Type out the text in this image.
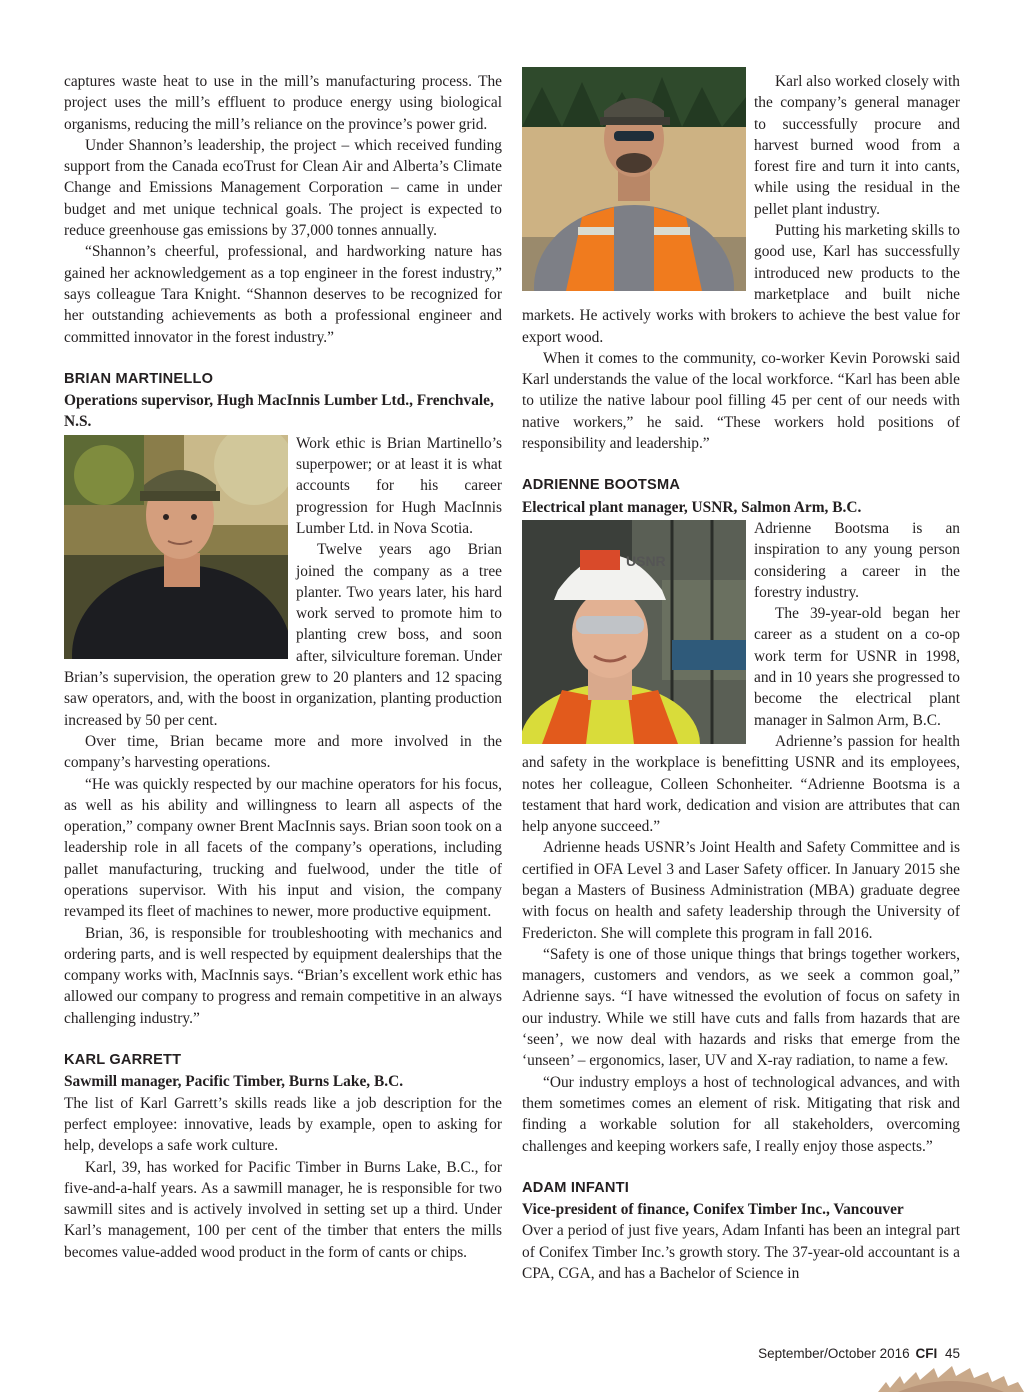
captures waste heat to use in the mill’s manufacturing process. The project uses the mill’s effluent to produce energy using biological organisms, reducing the mill’s reliance on the province’s power grid.

Under Shannon’s leadership, the project – which received funding support from the Canada ecoTrust for Clean Air and Alberta’s Climate Change and Emissions Management Corporation – came in under budget and met unique technical goals. The project is expected to reduce greenhouse gas emissions by 37,000 tonnes annually.

“Shannon’s cheerful, professional, and hardworking nature has gained her acknowledgement as a top engineer in the forest industry,” says colleague Tara Knight. “Shannon deserves to be recognized for her outstanding achievements as both a professional engineer and committed innovator in the forest industry.”

BRIAN MARTINELLO
Operations supervisor, Hugh MacInnis Lumber Ltd., Frenchvale, N.S.

Work ethic is Brian Martinello’s superpower; or at least it is what accounts for his career progression for Hugh MacInnis Lumber Ltd. in Nova Scotia.

Twelve years ago Brian joined the company as a tree planter. Two years later, his hard work served to promote him to planting crew boss, and soon after, silviculture foreman. Under Brian’s supervision, the operation grew to 20 planters and 12 spacing saw operators, and, with the boost in organization, planting production increased by 50 per cent.

Over time, Brian became more and more involved in the company’s harvesting operations.

“He was quickly respected by our machine operators for his focus, as well as his ability and willingness to learn all aspects of the operation,” company owner Brent MacInnis says. Brian soon took on a leadership role in all facets of the company’s operations, including pallet manufacturing, trucking and fuelwood, under the title of operations supervisor. With his input and vision, the company revamped its fleet of machines to newer, more productive equipment.

Brian, 36, is responsible for troubleshooting with mechanics and ordering parts, and is well respected by equipment dealerships that the company works with, MacInnis says. “Brian’s excellent work ethic has allowed our company to progress and remain competitive in an always challenging industry.”

KARL GARRETT
Sawmill manager, Pacific Timber, Burns Lake, B.C.

The list of Karl Garrett’s skills reads like a job description for the perfect employee: innovative, leads by example, open to asking for help, develops a safe work culture.

Karl, 39, has worked for Pacific Timber in Burns Lake, B.C., for five-and-a-half years. As a sawmill manager, he is responsible for two sawmill sites and is actively involved in setting set up a third. Under Karl’s management, 100 per cent of the timber that enters the mills becomes value-added wood product in the form of cants or chips.

Karl also worked closely with the company’s general manager to successfully procure and harvest burned wood from a forest fire and turn it into cants, while using the residual in the pellet plant industry.

Putting his marketing skills to good use, Karl has successfully introduced new products to the marketplace and built niche markets. He actively works with brokers to achieve the best value for export wood.

When it comes to the community, co-worker Kevin Porowski said Karl understands the value of the local workforce. “Karl has been able to utilize the native labour pool filling 45 per cent of our needs with native workers,” he said. “These workers hold positions of responsibility and leadership.”

ADRIENNE BOOTSMA
Electrical plant manager, USNR, Salmon Arm, B.C.
USNR

Adrienne Bootsma is an inspiration to any young person considering a career in the forestry industry.

The 39-year-old began her career as a student on a co-op work term for USNR in 1998, and in 10 years she progressed to become the electrical plant manager in Salmon Arm, B.C.

Adrienne’s passion for health and safety in the workplace is benefitting USNR and its employees, notes her colleague, Colleen Schonheiter. “Adrienne Bootsma is a testament that hard work, dedication and vision are attributes that can help anyone succeed.”

Adrienne heads USNR’s Joint Health and Safety Committee and is certified in OFA Level 3 and Laser Safety officer. In January 2015 she began a Masters of Business Administration (MBA) graduate degree with focus on health and safety leadership through the University of Fredericton. She will complete this program in fall 2016.

“Safety is one of those unique things that brings together workers, managers, customers and vendors, as we seek a common goal,” Adrienne says. “I have witnessed the evolution of focus on safety in our industry. While we still have cuts and falls from hazards that are ‘seen’, we now deal with hazards and risks that emerge from the ‘unseen’ – ergonomics, laser, UV and X-ray radiation, to name a few.

“Our industry employs a host of technological advances, and with them sometimes comes an element of risk. Mitigating that risk and finding a workable solution for all stakeholders, overcoming challenges and keeping workers safe, I really enjoy those aspects.”

ADAM INFANTI
Vice-president of finance, Conifex Timber Inc., Vancouver

Over a period of just five years, Adam Infanti has been an integral part of Conifex Timber Inc.’s growth story. The 37-year-old accountant is a CPA, CGA, and has a Bachelor of Science in

September/October 2016 CFI 45
